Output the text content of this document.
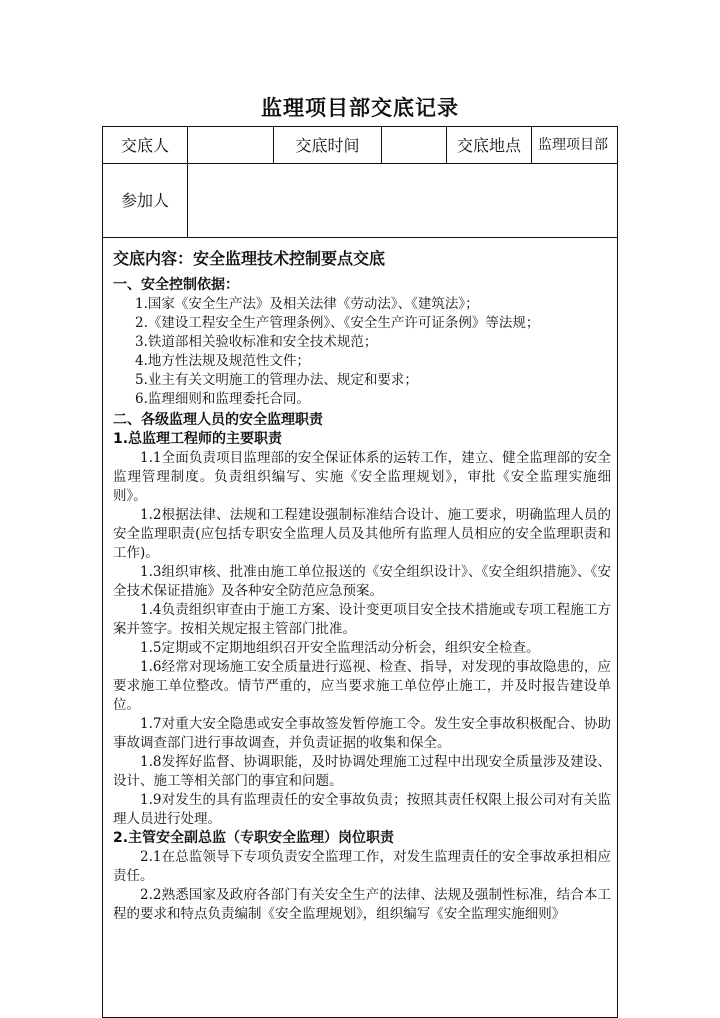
监理项目部交底记录
交底人	交底时间	交底地点	监理项目部
参加人
交底内容：安全监理技术控制要点交底
一、安全控制依据：
1.国家《安全生产法》及相关法律《劳动法》、《建筑法》；
2.《建设工程安全生产管理条例》、《安全生产许可证条例》等法规；
3.铁道部相关验收标准和安全技术规范；
4.地方性法规及规范性文件；
5.业主有关文明施工的管理办法、规定和要求；
6.监理细则和监理委托合同。
二、各级监理人员的安全监理职责
1.总监理工程师的主要职责
1.1全面负责项目监理部的安全保证体系的运转工作，建立、健全监理部的安全监理管理制度。负责组织编写、实施《安全监理规划》，审批《安全监理实施细则》。
1.2根据法律、法规和工程建设强制标准结合设计、施工要求，明确监理人员的安全监理职责(应包括专职安全监理人员及其他所有监理人员相应的安全监理职责和工作)。
1.3组织审核、批准由施工单位报送的《安全组织设计》、《安全组织措施》、《安全技术保证措施》及各种安全防范应急预案。
1.4负责组织审查由于施工方案、设计变更项目安全技术措施或专项工程施工方案并签字。按相关规定报主管部门批准。
1.5定期或不定期地组织召开安全监理活动分析会，组织安全检查。
1.6经常对现场施工安全质量进行巡视、检查、指导，对发现的事故隐患的，应要求施工单位整改。情节严重的，应当要求施工单位停止施工，并及时报告建设单位。
1.7对重大安全隐患或安全事故签发暂停施工令。发生安全事故积极配合、协助事故调查部门进行事故调查，并负责证据的收集和保全。
1.8发挥好监督、协调职能，及时协调处理施工过程中出现安全质量涉及建设、设计、施工等相关部门的事宜和问题。
1.9对发生的具有监理责任的安全事故负责；按照其责任权限上报公司对有关监理人员进行处理。
2.主管安全副总监（专职安全监理）岗位职责
2.1在总监领导下专项负责安全监理工作，对发生监理责任的安全事故承担相应责任。
2.2熟悉国家及政府各部门有关安全生产的法律、法规及强制性标准，结合本工程的要求和特点负责编制《安全监理规划》，组织编写《安全监理实施细则》
